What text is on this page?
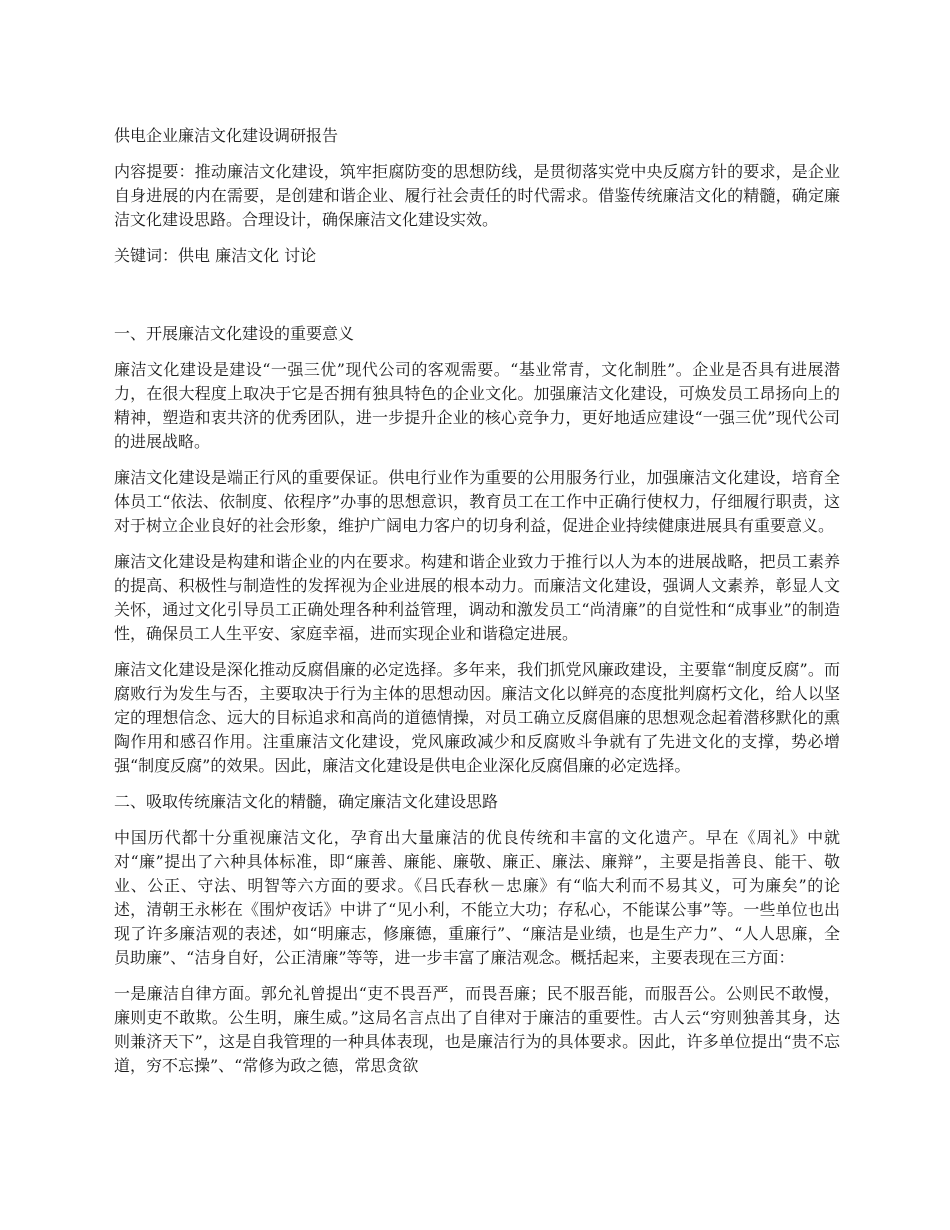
供电企业廉洁文化建设调研报告

内容提要：推动廉洁文化建设，筑牢拒腐防变的思想防线，是贯彻落实党中央反腐方针的要求，是企业自身进展的内在需要，是创建和谐企业、履行社会责任的时代需求。借鉴传统廉洁文化的精髓，确定廉洁文化建设思路。合理设计，确保廉洁文化建设实效。

关键词：供电 廉洁文化 讨论

一、开展廉洁文化建设的重要意义

廉洁文化建设是建设“一强三优”现代公司的客观需要。“基业常青，文化制胜”。企业是否具有进展潜力，在很大程度上取决于它是否拥有独具特色的企业文化。加强廉洁文化建设，可焕发员工昂扬向上的精神，塑造和衷共济的优秀团队，进一步提升企业的核心竞争力，更好地适应建设“一强三优”现代公司的进展战略。

廉洁文化建设是端正行风的重要保证。供电行业作为重要的公用服务行业，加强廉洁文化建设，培育全体员工“依法、依制度、依程序”办事的思想意识，教育员工在工作中正确行使权力，仔细履行职责，这对于树立企业良好的社会形象，维护广阔电力客户的切身利益，促进企业持续健康进展具有重要意义。

廉洁文化建设是构建和谐企业的内在要求。构建和谐企业致力于推行以人为本的进展战略，把员工素养的提高、积极性与制造性的发挥视为企业进展的根本动力。而廉洁文化建设，强调人文素养，彰显人文关怀，通过文化引导员工正确处理各种利益管理，调动和激发员工“尚清廉”的自觉性和“成事业”的制造性，确保员工人生平安、家庭幸福，进而实现企业和谐稳定进展。

廉洁文化建设是深化推动反腐倡廉的必定选择。多年来，我们抓党风廉政建设，主要靠“制度反腐”。而腐败行为发生与否，主要取决于行为主体的思想动因。廉洁文化以鲜亮的态度批判腐朽文化，给人以坚定的理想信念、远大的目标追求和高尚的道德情操，对员工确立反腐倡廉的思想观念起着潜移默化的熏陶作用和感召作用。注重廉洁文化建设，党风廉政减少和反腐败斗争就有了先进文化的支撑，势必增强“制度反腐”的效果。因此，廉洁文化建设是供电企业深化反腐倡廉的必定选择。

二、吸取传统廉洁文化的精髓，确定廉洁文化建设思路

中国历代都十分重视廉洁文化，孕育出大量廉洁的优良传统和丰富的文化遗产。早在《周礼》中就对“廉”提出了六种具体标准，即“廉善、廉能、廉敬、廉正、廉法、廉辩”，主要是指善良、能干、敬业、公正、守法、明智等六方面的要求。《吕氏春秋－忠廉》有“临大利而不易其义，可为廉矣”的论述，清朝王永彬在《围炉夜话》中讲了“见小利，不能立大功；存私心，不能谋公事”等。一些单位也出现了许多廉洁观的表述，如“明廉志，修廉德，重廉行”、“廉洁是业绩，也是生产力”、“人人思廉，全员助廉”、“洁身自好，公正清廉”等等，进一步丰富了廉洁观念。概括起来，主要表现在三方面：

一是廉洁自律方面。郭允礼曾提出“吏不畏吾严，而畏吾廉；民不服吾能，而服吾公。公则民不敢慢，廉则吏不敢欺。公生明，廉生威。”这局名言点出了自律对于廉洁的重要性。古人云“穷则独善其身，达则兼济天下”，这是自我管理的一种具体表现，也是廉洁行为的具体要求。因此，许多单位提出“贵不忘道，穷不忘操”、“常修为政之德，常思贪欲
